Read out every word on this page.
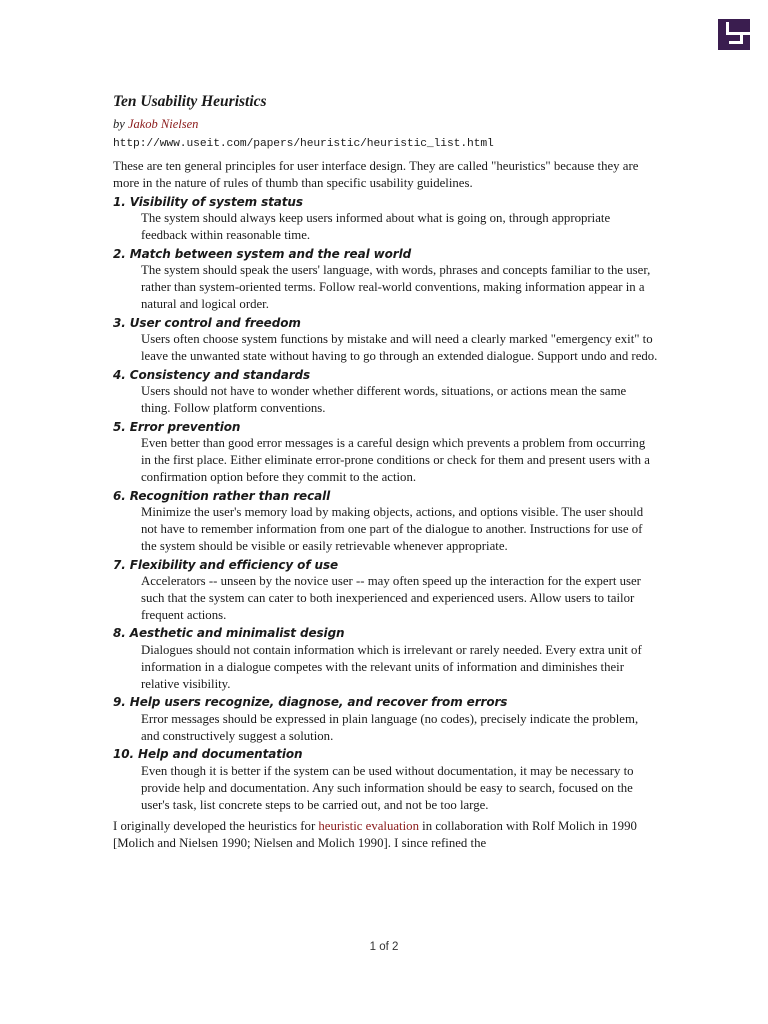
Ten Usability Heuristics
by Jakob Nielsen
http://www.useit.com/papers/heuristic/heuristic_list.html

These are ten general principles for user interface design. They are called "heuristics" because they are more in the nature of rules of thumb than specific usability guidelines.

1. Visibility of system status
The system should always keep users informed about what is going on, through appropriate feedback within reasonable time.
2. Match between system and the real world
The system should speak the users' language, with words, phrases and concepts familiar to the user, rather than system-oriented terms. Follow real-world conventions, making information appear in a natural and logical order.
3. User control and freedom
Users often choose system functions by mistake and will need a clearly marked "emergency exit" to leave the unwanted state without having to go through an extended dialogue. Support undo and redo.
4. Consistency and standards
Users should not have to wonder whether different words, situations, or actions mean the same thing. Follow platform conventions.
5. Error prevention
Even better than good error messages is a careful design which prevents a problem from occurring in the first place. Either eliminate error-prone conditions or check for them and present users with a confirmation option before they commit to the action.
6. Recognition rather than recall
Minimize the user's memory load by making objects, actions, and options visible. The user should not have to remember information from one part of the dialogue to another. Instructions for use of the system should be visible or easily retrievable whenever appropriate.
7. Flexibility and efficiency of use
Accelerators -- unseen by the novice user -- may often speed up the interaction for the expert user such that the system can cater to both inexperienced and experienced users. Allow users to tailor frequent actions.
8. Aesthetic and minimalist design
Dialogues should not contain information which is irrelevant or rarely needed. Every extra unit of information in a dialogue competes with the relevant units of information and diminishes their relative visibility.
9. Help users recognize, diagnose, and recover from errors
Error messages should be expressed in plain language (no codes), precisely indicate the problem, and constructively suggest a solution.
10. Help and documentation
Even though it is better if the system can be used without documentation, it may be necessary to provide help and documentation. Any such information should be easy to search, focused on the user's task, list concrete steps to be carried out, and not be too large.

I originally developed the heuristics for heuristic evaluation in collaboration with Rolf Molich in 1990 [Molich and Nielsen 1990; Nielsen and Molich 1990]. I since refined the

1 of 2
